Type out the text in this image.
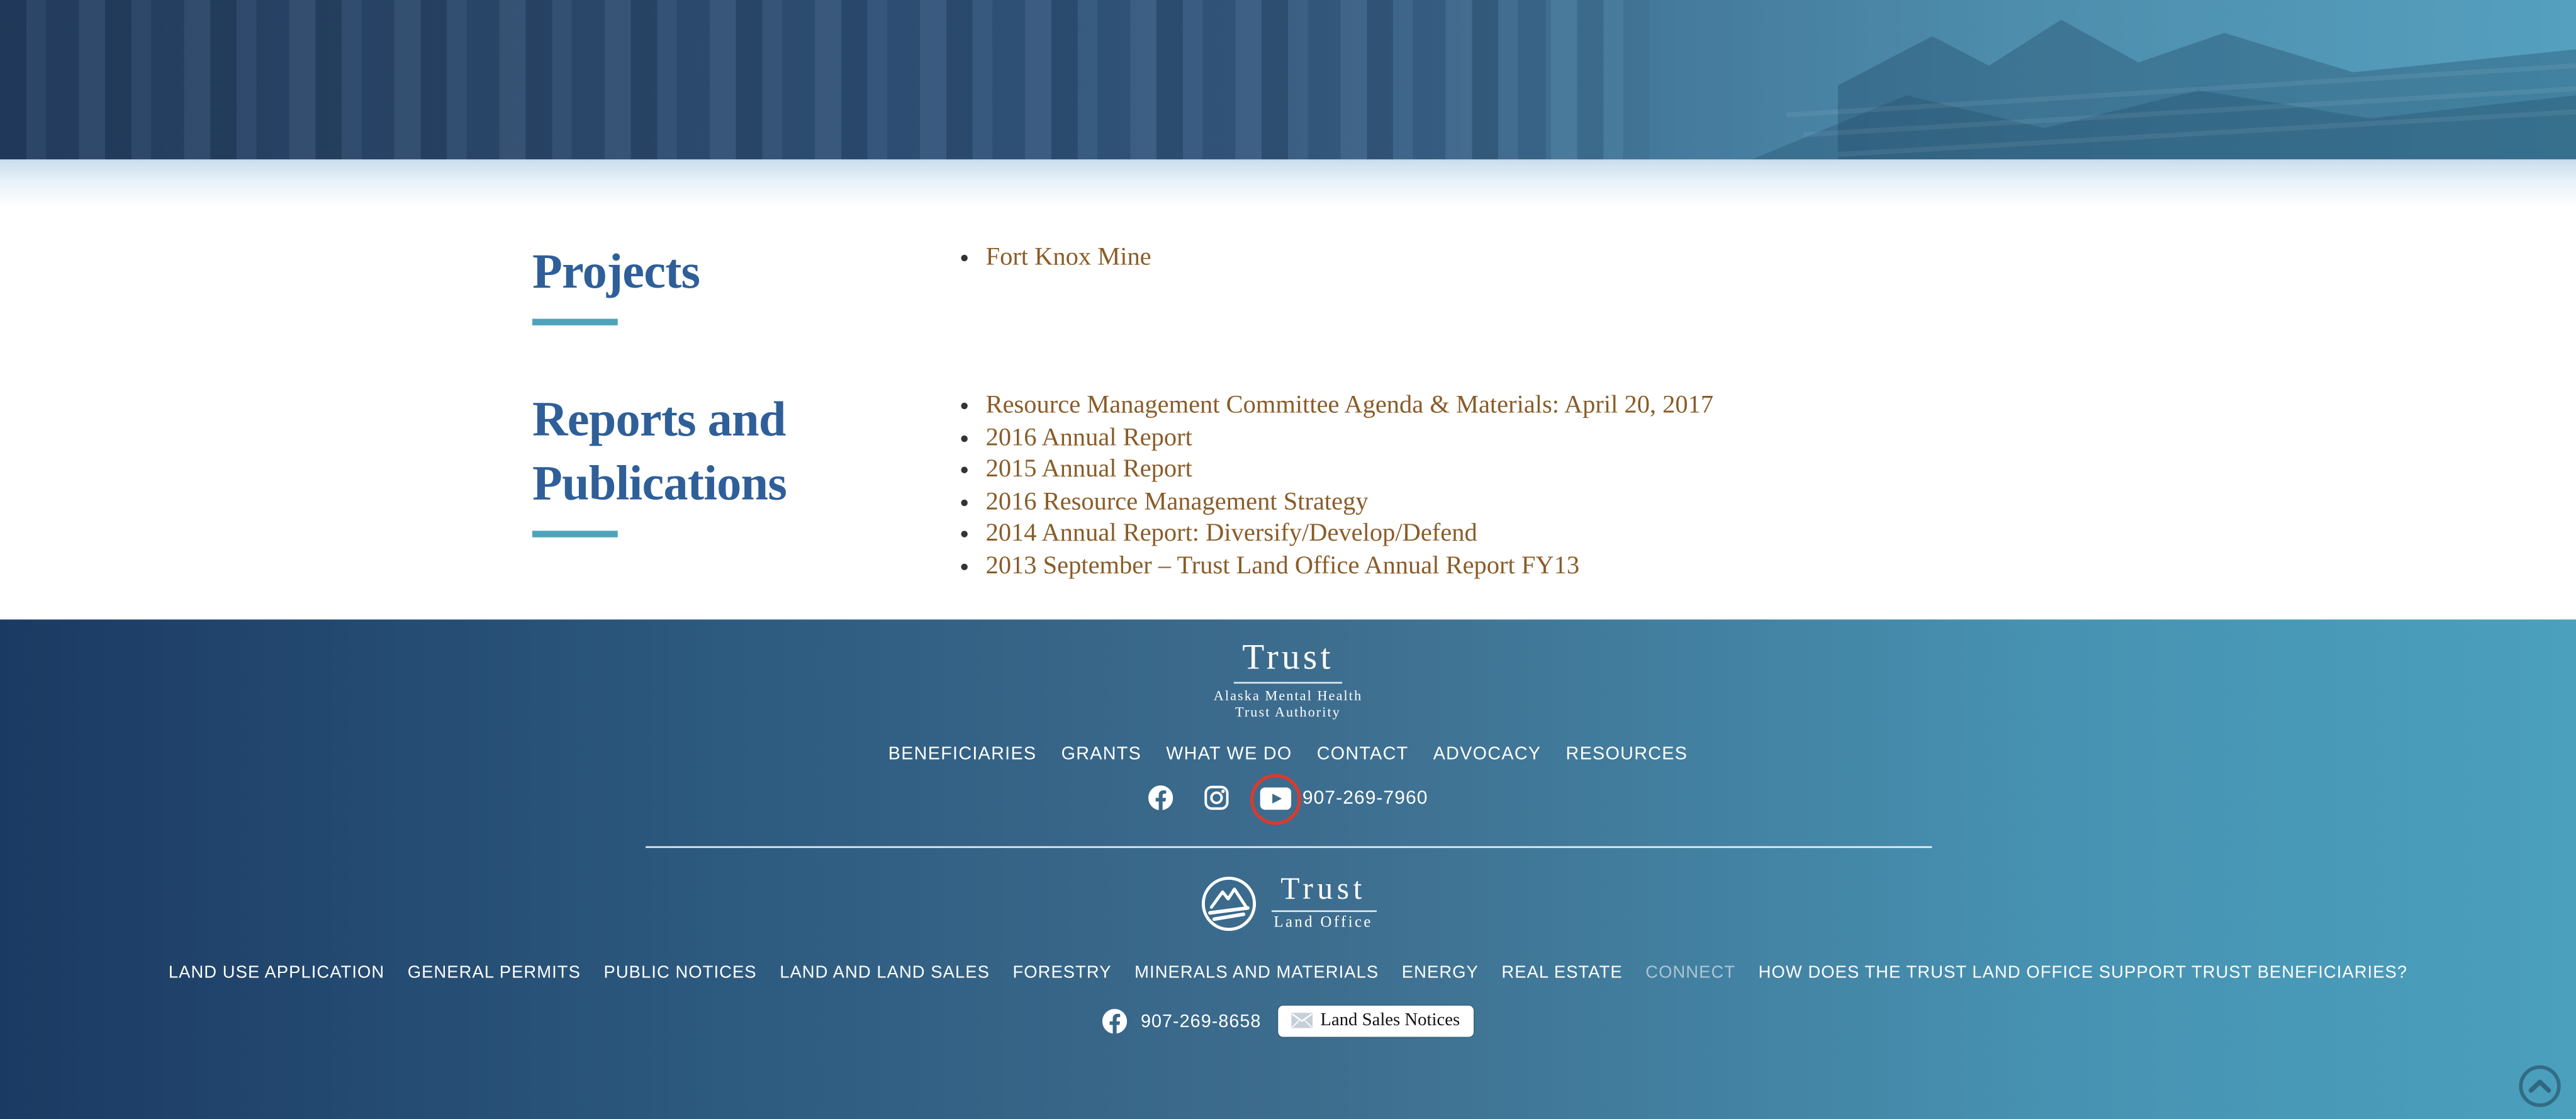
Projects	• Fort Knox Mine
Reports and Publications
• Resource Management Committee Agenda & Materials: April 20, 2017
• 2016 Annual Report
• 2015 Annual Report
• 2016 Resource Management Strategy
• 2014 Annual Report: Diversify/Develop/Defend
• 2013 September – Trust Land Office Annual Report FY13
Trust
Alaska Mental Health
Trust Authority
BENEFICIARIES	GRANTS	WHAT WE DO	CONTACT	ADVOCACY	RESOURCES
907-269-7960
Trust
Land Office
LAND USE APPLICATION	GENERAL PERMITS	PUBLIC NOTICES	LAND AND LAND SALES	FORESTRY	MINERALS AND MATERIALS	ENERGY	REAL ESTATE	CONNECT	HOW DOES THE TRUST LAND OFFICE SUPPORT TRUST BENEFICIARIES?
907-269-8658	Land Sales Notices
